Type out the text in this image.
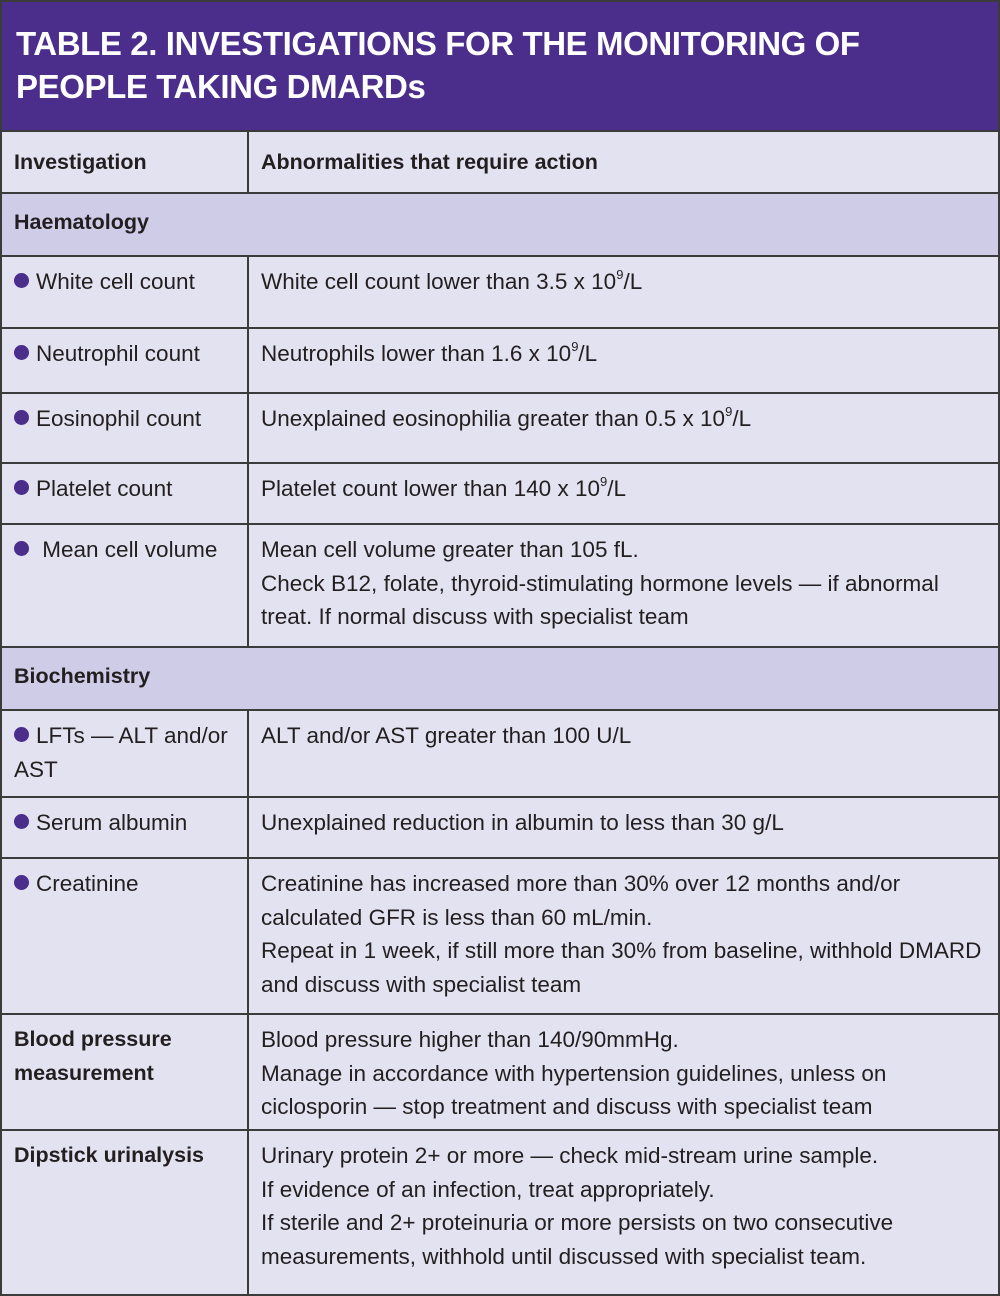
TABLE 2. INVESTIGATIONS FOR THE MONITORING OF PEOPLE TAKING DMARDs
Investigation	Abnormalities that require action
Haematology	
White cell count	White cell count lower than 3.5 x $10^9/L$
Neutrophil count	Neutrophils lower than 1.6 x $10^9/L$
Eosinophil count	Unexplained eosinophilia greater than 0.5 x $10^9/L$
Platelet count	Platelet count lower than 140 x $10^9/L$
Mean cell volume	Mean cell volume greater than 105 fL.
Check B12, folate, thyroid-stimulating hormone levels — if abnormal treat. If normal discuss with specialist team

Biochemistry	
LFTs — ALT and/or AST	ALT and/or AST greater than 100 U/L

Serum albumin	Unexplained reduction in albumin to less than 30 g/L

Creatinine	Creatinine has increased more than 30% over 12 months and/or calculated GFR is less than 60 mL/min.
Repeat in 1 week, if still more than 30% from baseline, withhold DMARD and discuss with specialist team

Blood pressure measurement	Blood pressure higher than 140/90mmHg.
Manage in accordance with hypertension guidelines, unless on ciclosporin — stop treatment and discuss with specialist team

Dipstick urinalysis	Urinary protein 2+ or more — check mid-stream urine sample.
If evidence of an infection, treat appropriately.
If sterile and 2+ proteinuria or more persists on two consecutive measurements, withhold until discussed with specialist team.
